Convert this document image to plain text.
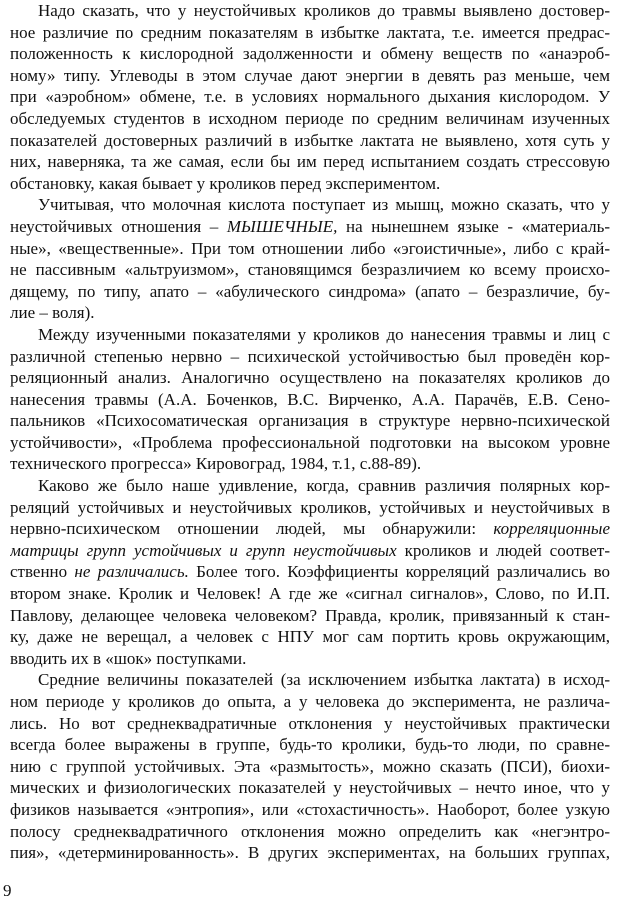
Надо сказать, что у неустойчивых кроликов до травмы выявлено достовер-
ное различие по средним показателям в избытке лактата, т.е. имеется предрас-
положенность к кислородной задолженности и обмену веществ по «анаэроб-
ному» типу. Углеводы в этом случае дают энергии в девять раз меньше, чем
при «аэробном» обмене, т.е. в условиях нормального дыхания кислородом. У
обследуемых студентов в исходном периоде по средним величинам изученных
показателей достоверных различий в избытке лактата не выявлено, хотя суть у
них, наверняка, та же самая, если бы им перед испытанием создать стрессовую
обстановку, какая бывает у кроликов перед экспериментом.
Учитывая, что молочная кислота поступает из мышц, можно сказать, что у
неустойчивых отношения – МЫШЕЧНЫЕ, на нынешнем языке - «материаль-
ные», «вещественные». При том отношении либо «эгоистичные», либо с край-
не пассивным «альтруизмом», становящимся безразличием ко всему происхо-
дящему, по типу, апато – «абулического синдрома» (апато – безразличие, бу-
лие – воля).
Между изученными показателями у кроликов до нанесения травмы и лиц с
различной степенью нервно – психической устойчивостью был проведён кор-
реляционный анализ. Аналогично осуществлено на показателях кроликов до
нанесения травмы (А.А. Боченков, В.С. Вирченко, А.А. Парачёв, Е.В. Сено-
пальников «Психосоматическая организация в структуре нервно-психической
устойчивости», «Проблема профессиональной подготовки на высоком уровне
технического прогресса» Кировоград, 1984, т.1, с.88-89).
Каково же было наше удивление, когда, сравнив различия полярных кор-
реляций устойчивых и неустойчивых кроликов, устойчивых и неустойчивых в
нервно-психическом отношении людей, мы обнаружили: корреляционные
матрицы групп устойчивых и групп неустойчивых кроликов и людей соответ-
ственно не различались. Более того. Коэффициенты корреляций различались во
втором знаке. Кролик и Человек! А где же «сигнал сигналов», Слово, по И.П.
Павлову, делающее человека человеком? Правда, кролик, привязанный к стан-
ку, даже не верещал, а человек с НПУ мог сам портить кровь окружающим,
вводить их в «шок» поступками.
Средние величины показателей (за исключением избытка лактата) в исход-
ном периоде у кроликов до опыта, а у человека до эксперимента, не различа-
лись. Но вот среднеквадратичные отклонения у неустойчивых практически
всегда более выражены в группе, будь-то кролики, будь-то люди, по сравне-
нию с группой устойчивых. Эта «размытость», можно сказать (ПСИ), биохи-
мических и физиологических показателей у неустойчивых – нечто иное, что у
физиков называется «энтропия», или «стохастичность». Наоборот, более узкую
полосу среднеквадратичного отклонения можно определить как «негэнтро-
пия», «детерминированность». В других экспериментах, на больших группах,
9
